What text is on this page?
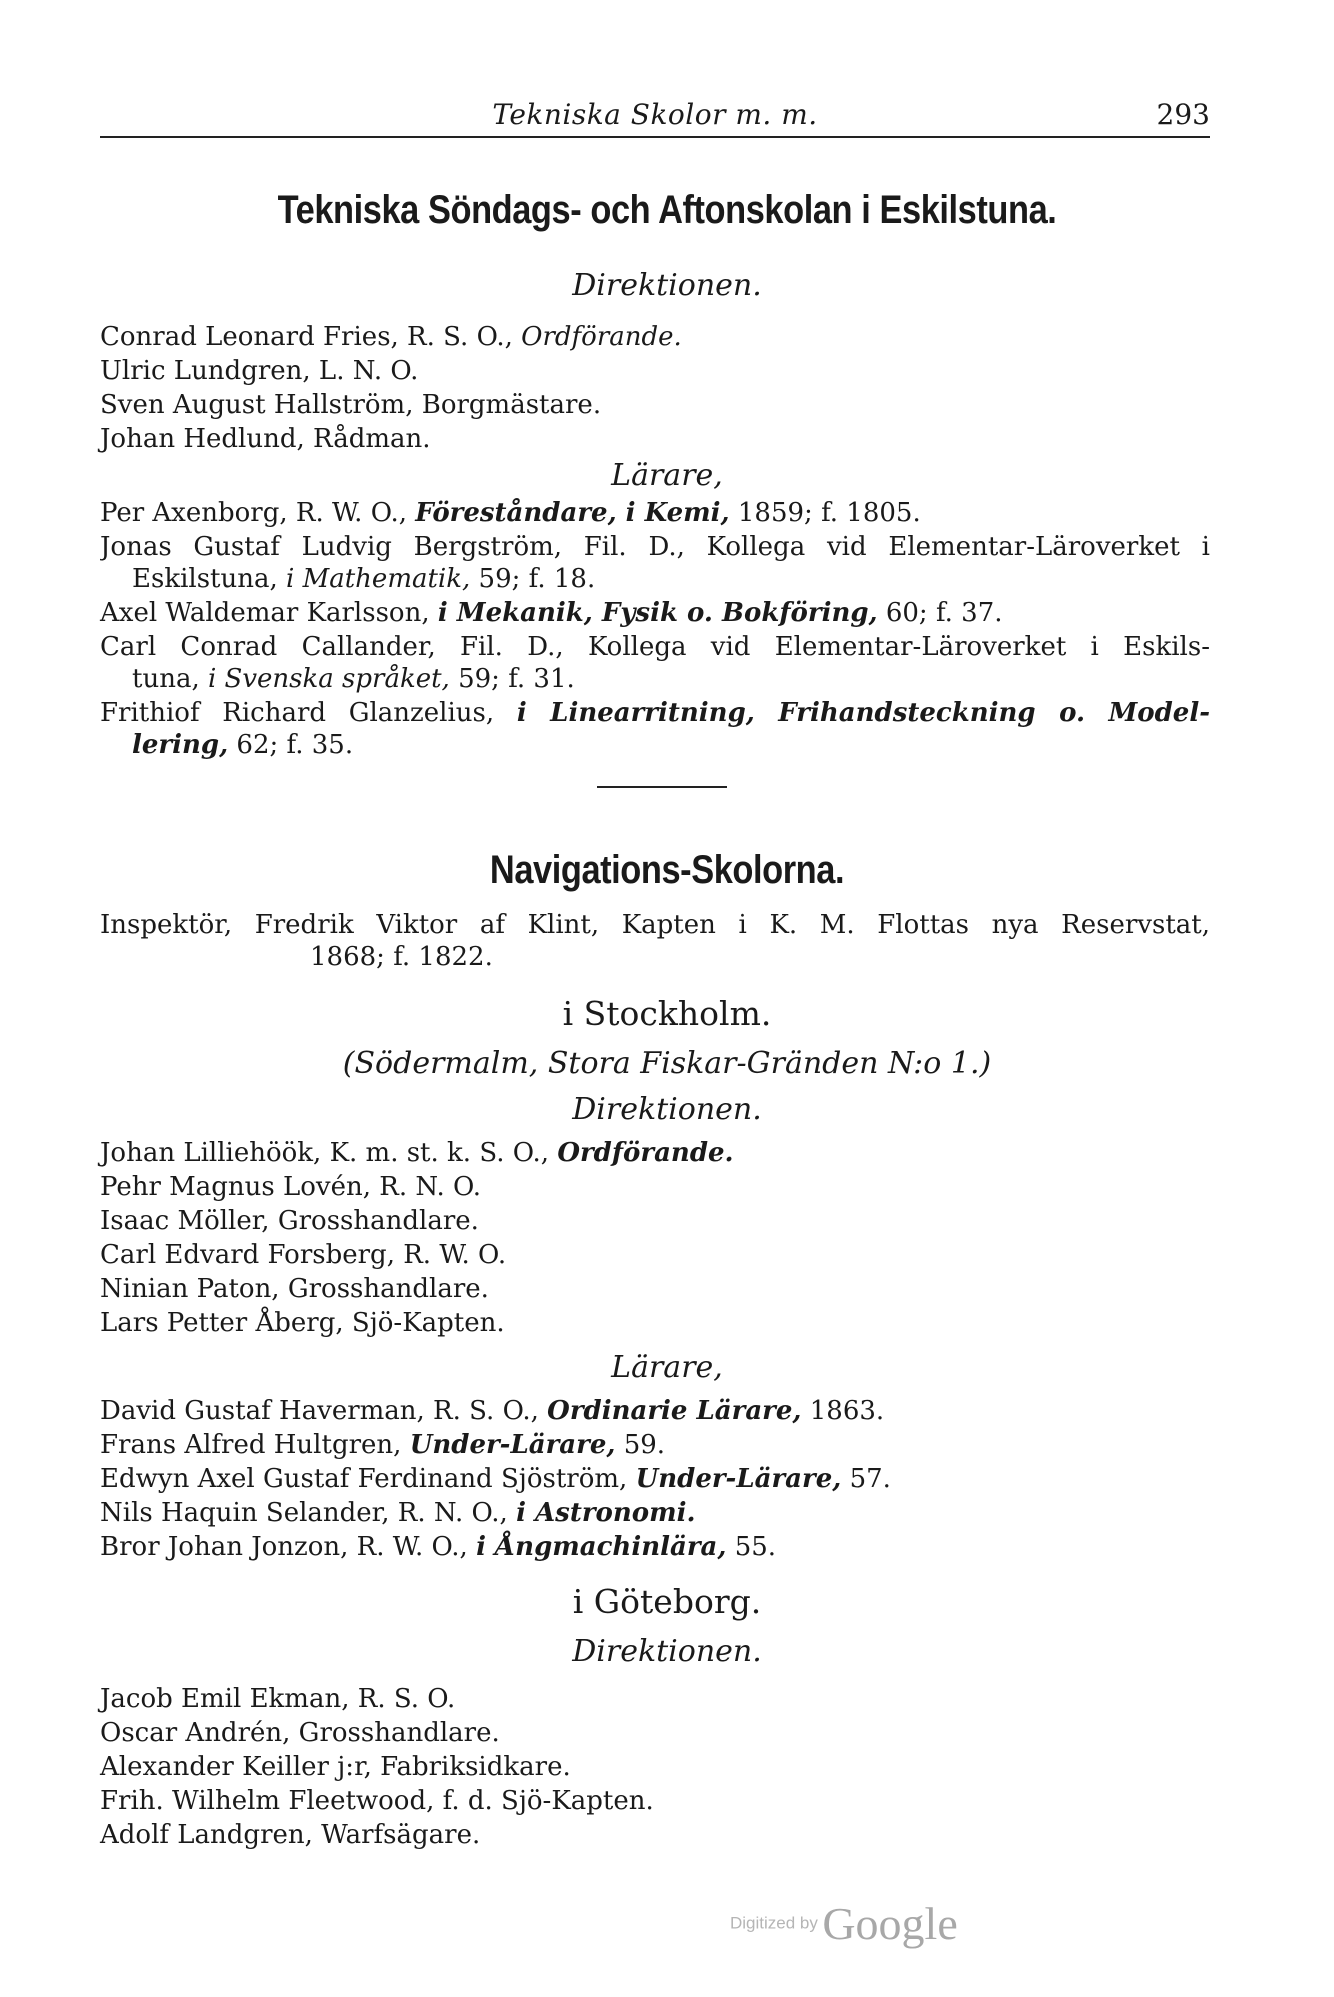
Tekniska Skolor m. m.	293
Tekniska Söndags- och Aftonskolan i Eskilstuna.
Direktionen.
Conrad Leonard Fries, R. S. O., Ordförande.
Ulric Lundgren, L. N. O.
Sven August Hallström, Borgmästare.
Johan Hedlund, Rådman.
Lärare,
Per Axenborg, R. W. O., Föreståndare, i Kemi, 1859; f. 1805.
Jonas Gustaf Ludvig Bergström, Fil. D., Kollega vid Elementar-Läroverket i
Eskilstuna, i Mathematik, 59; f. 18.
Axel Waldemar Karlsson, i Mekanik, Fysik o. Bokföring, 60; f. 37.
Carl Conrad Callander, Fil. D., Kollega vid Elementar-Läroverket i Eskils-
tuna, i Svenska språket, 59; f. 31.
Frithiof Richard Glanzelius, i Linearritning, Frihandsteckning o. Model-
lering, 62; f. 35.
Navigations-Skolorna.
Inspektör, Fredrik Viktor af Klint, Kapten i K. M. Flottas nya Reservstat,
1868; f. 1822.
i Stockholm.
(Södermalm, Stora Fiskar-Gränden N:o 1.)
Direktionen.
Johan Lilliehöök, K. m. st. k. S. O., Ordförande.
Pehr Magnus Lovén, R. N. O.
Isaac Möller, Grosshandlare.
Carl Edvard Forsberg, R. W. O.
Ninian Paton, Grosshandlare.
Lars Petter Åberg, Sjö-Kapten.
Lärare,
David Gustaf Haverman, R. S. O., Ordinarie Lärare, 1863.
Frans Alfred Hultgren, Under-Lärare, 59.
Edwyn Axel Gustaf Ferdinand Sjöström, Under-Lärare, 57.
Nils Haquin Selander, R. N. O., i Astronomi.
Bror Johan Jonzon, R. W. O., i Ångmachinlära, 55.
i Göteborg.
Direktionen.
Jacob Emil Ekman, R. S. O.
Oscar Andrén, Grosshandlare.
Alexander Keiller j:r, Fabriksidkare.
Frih. Wilhelm Fleetwood, f. d. Sjö-Kapten.
Adolf Landgren, Warfsägare.
Digitized by Google
